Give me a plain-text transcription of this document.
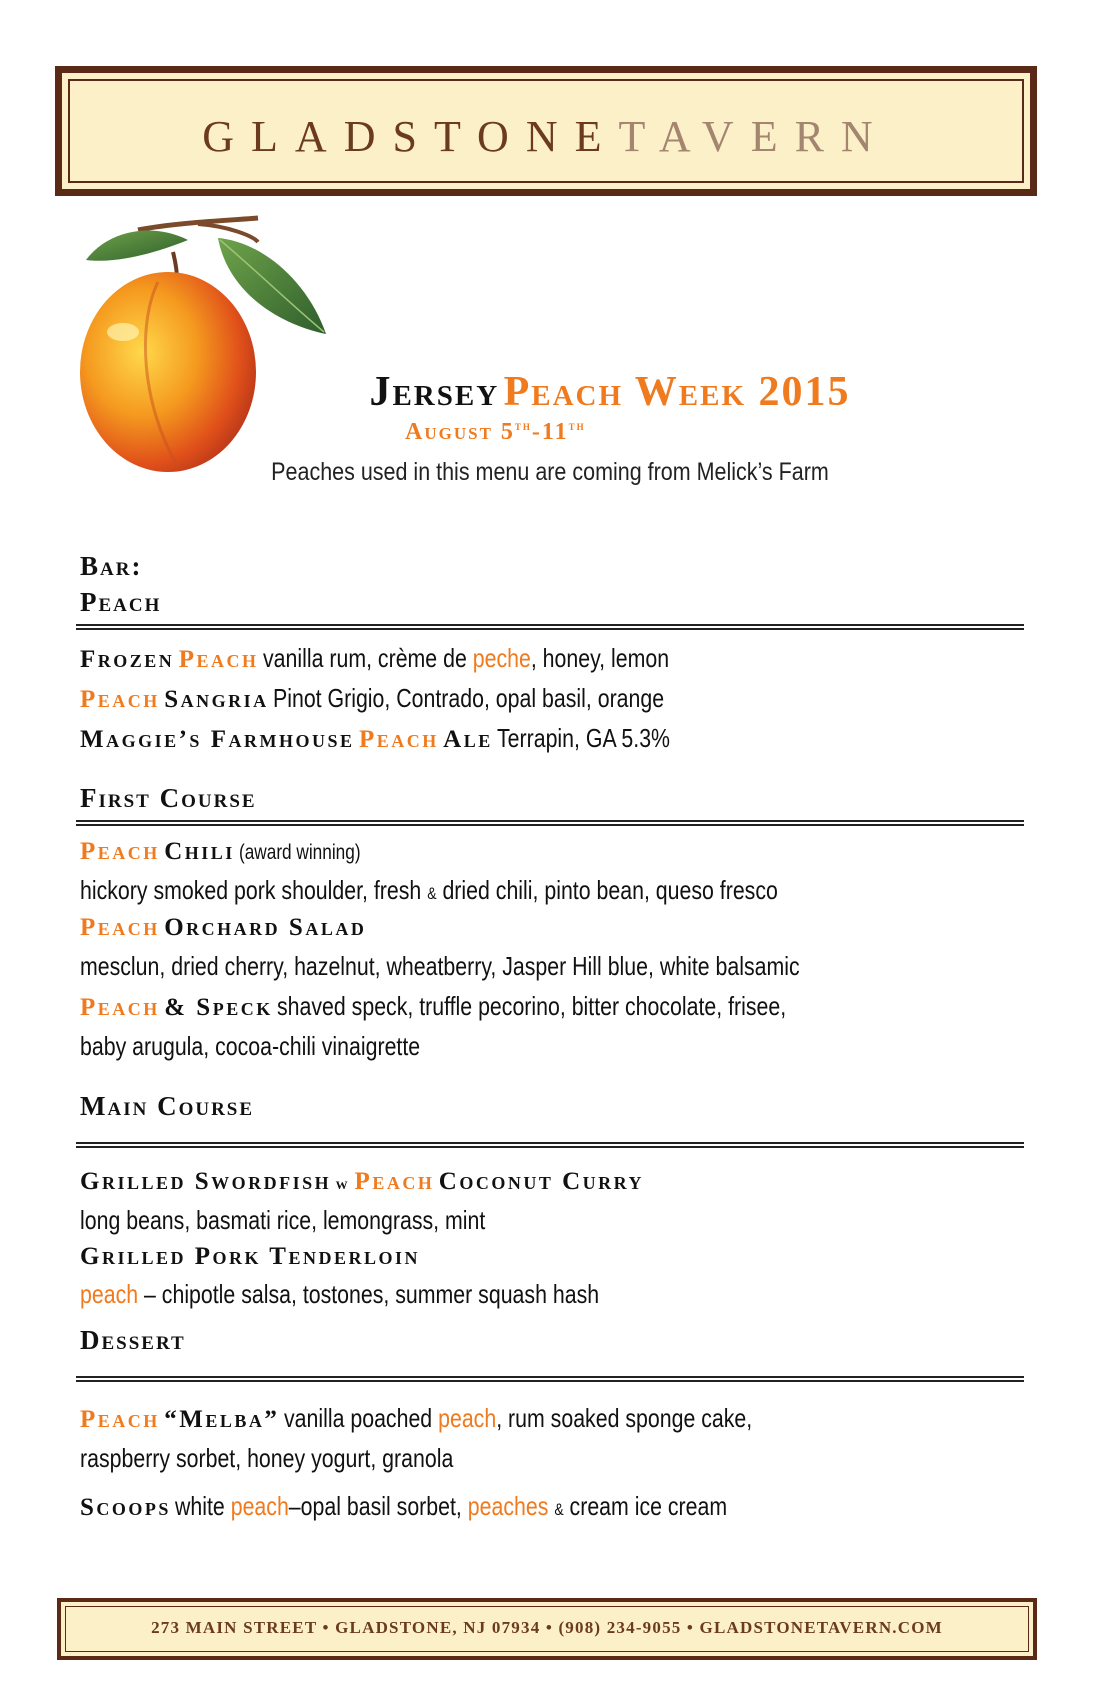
GLADSTONETAVERN
Jersey Peach Week 2015
August 5th-11th
Peaches used in this menu are coming from Melick’s Farm
Bar:
Peach
Frozen Peach vanilla rum, crème de peche, honey, lemon
Peach Sangria Pinot Grigio, Contrado, opal basil, orange
Maggie’s Farmhouse Peach Ale Terrapin, GA 5.3%
First Course
Peach Chili (award winning)
hickory smoked pork shoulder, fresh & dried chili, pinto bean, queso fresco
Peach Orchard Salad
mesclun, dried cherry, hazelnut, wheatberry, Jasper Hill blue, white balsamic
Peach & Speck shaved speck, truffle pecorino, bitter chocolate, frisee,
baby arugula, cocoa-chili vinaigrette
Main Course
Grilled Swordfish w Peach Coconut Curry
long beans, basmati rice, lemongrass, mint
Grilled Pork Tenderloin
peach – chipotle salsa, tostones, summer squash hash
Dessert
Peach “Melba” vanilla poached peach, rum soaked sponge cake,
raspberry sorbet, honey yogurt, granola
Scoops white peach–opal basil sorbet, peaches & cream ice cream
273 MAIN STREET • GLADSTONE, NJ 07934 • (908) 234-9055 • GLADSTONETAVERN.COM
